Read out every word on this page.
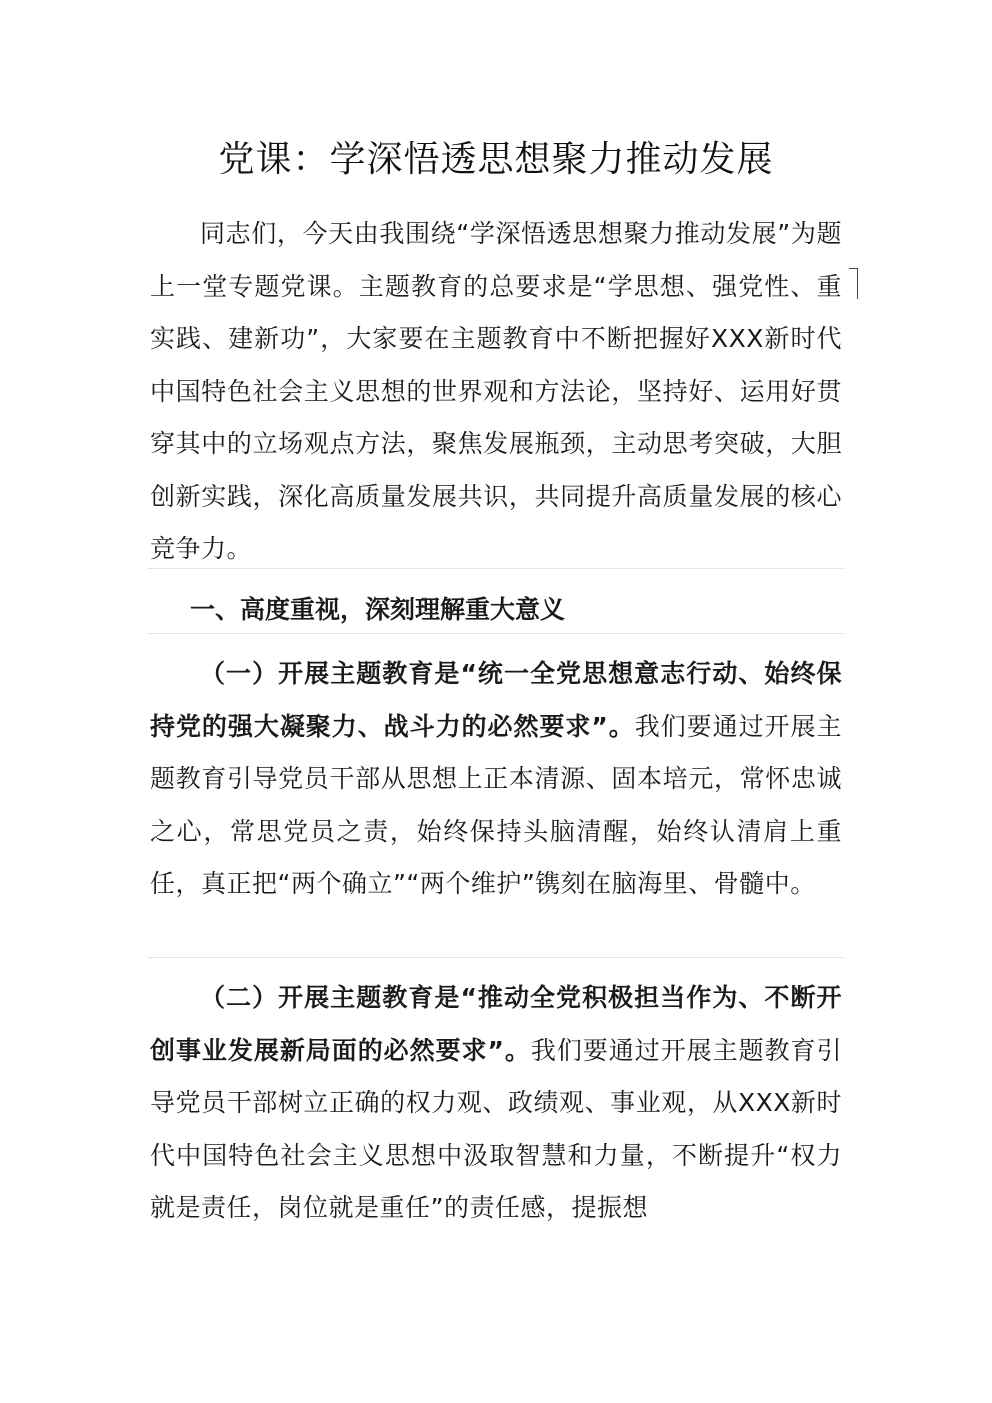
党课：学深悟透思想聚力推动发展

同志们，今天由我围绕“学深悟透思想聚力推动发展”为题上一堂专题党课。主题教育的总要求是“学思想、强党性、重实践、建新功”，大家要在主题教育中不断把握好XXX新时代中国特色社会主义思想的世界观和方法论，坚持好、运用好贯穿其中的立场观点方法，聚焦发展瓶颈，主动思考突破，大胆创新实践，深化高质量发展共识，共同提升高质量发展的核心竞争力。

一、高度重视，深刻理解重大意义

（一）开展主题教育是“统一全党思想意志行动、始终保持党的强大凝聚力、战斗力的必然要求”。我们要通过开展主题教育引导党员干部从思想上正本清源、固本培元，常怀忠诚之心，常思党员之责，始终保持头脑清醒，始终认清肩上重任，真正把“两个确立”“两个维护”镌刻在脑海里、骨髓中。

（二）开展主题教育是“推动全党积极担当作为、不断开创事业发展新局面的必然要求”。我们要通过开展主题教育引导党员干部树立正确的权力观、政绩观、事业观，从XXX新时代中国特色社会主义思想中汲取智慧和力量，不断提升“权力就是责任，岗位就是重任”的责任感，提振想
